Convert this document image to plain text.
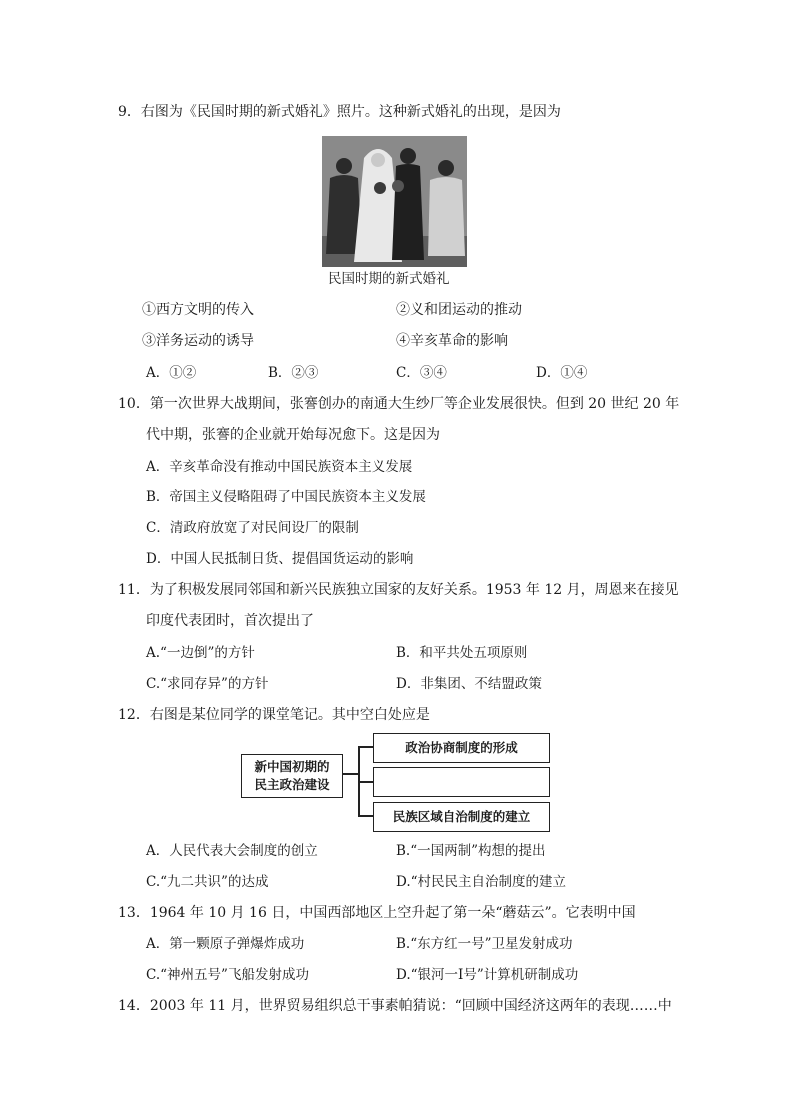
9．右图为《民国时期的新式婚礼》照片。这种新式婚礼的出现，是因为
民国时期的新式婚礼
①西方文明的传入	②义和团运动的推动
③洋务运动的诱导	④辛亥革命的影响
A．①②	B．②③	C．③④	D．①④
10．第一次世界大战期间，张謇创办的南通大生纱厂等企业发展很快。但到 20 世纪 20 年
代中期，张謇的企业就开始每况愈下。这是因为
A．辛亥革命没有推动中国民族资本主义发展
B．帝国主义侵略阻碍了中国民族资本主义发展
C．清政府放宽了对民间设厂的限制
D．中国人民抵制日货、提倡国货运动的影响
11．为了积极发展同邻国和新兴民族独立国家的友好关系。1953 年 12 月，周恩来在接见
印度代表团时，首次提出了
A.“一边倒”的方针	B．和平共处五项原则
C.“求同存异”的方针	D．非集团、不结盟政策
12．右图是某位同学的课堂笔记。其中空白处应是
新中国初期的
民主政治建设
政治协商制度的形成
民族区域自治制度的建立
A．人民代表大会制度的创立	B.“一国两制”构想的提出
C.“九二共识”的达成	D.“村民民主自治制度的建立
13．1964 年 10 月 16 日，中国西部地区上空升起了第一朵“蘑菇云”。它表明中国
A．第一颗原子弹爆炸成功	B.“东方红一号”卫星发射成功
C.“神州五号”飞船发射成功	D.“银河一Ⅰ号”计算机研制成功
14．2003 年 11 月，世界贸易组织总干事素帕猜说：“回顾中国经济这两年的表现……中
